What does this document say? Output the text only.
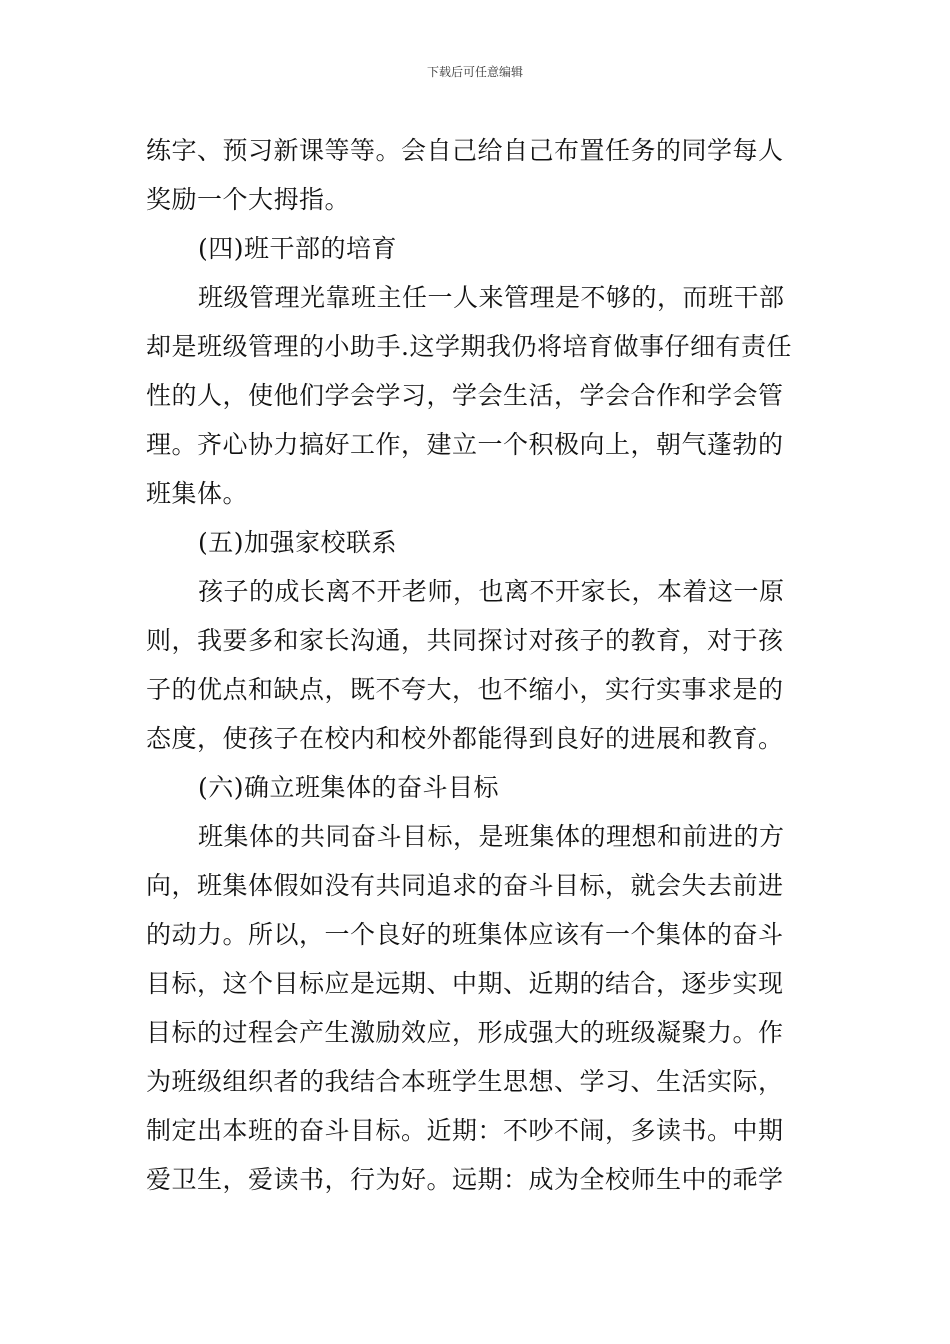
下载后可任意编辑
练字、预习新课等等。会自己给自己布置任务的同学每人
奖励一个大拇指。
(四)班干部的培育
班级管理光靠班主任一人来管理是不够的，而班干部
却是班级管理的小助手.这学期我仍将培育做事仔细有责任
性的人，使他们学会学习，学会生活，学会合作和学会管
理。齐心协力搞好工作，建立一个积极向上，朝气蓬勃的
班集体。
(五)加强家校联系
孩子的成长离不开老师，也离不开家长，本着这一原
则，我要多和家长沟通，共同探讨对孩子的教育，对于孩
子的优点和缺点，既不夸大，也不缩小，实行实事求是的
态度，使孩子在校内和校外都能得到良好的进展和教育。
(六)确立班集体的奋斗目标
班集体的共同奋斗目标，是班集体的理想和前进的方
向，班集体假如没有共同追求的奋斗目标，就会失去前进
的动力。所以，一个良好的班集体应该有一个集体的奋斗
目标，这个目标应是远期、中期、近期的结合，逐步实现
目标的过程会产生激励效应，形成强大的班级凝聚力。作
为班级组织者的我结合本班学生思想、学习、生活实际，
制定出本班的奋斗目标。近期：不吵不闹，多读书。中期
爱卫生，爱读书，行为好。远期：成为全校师生中的乖学
